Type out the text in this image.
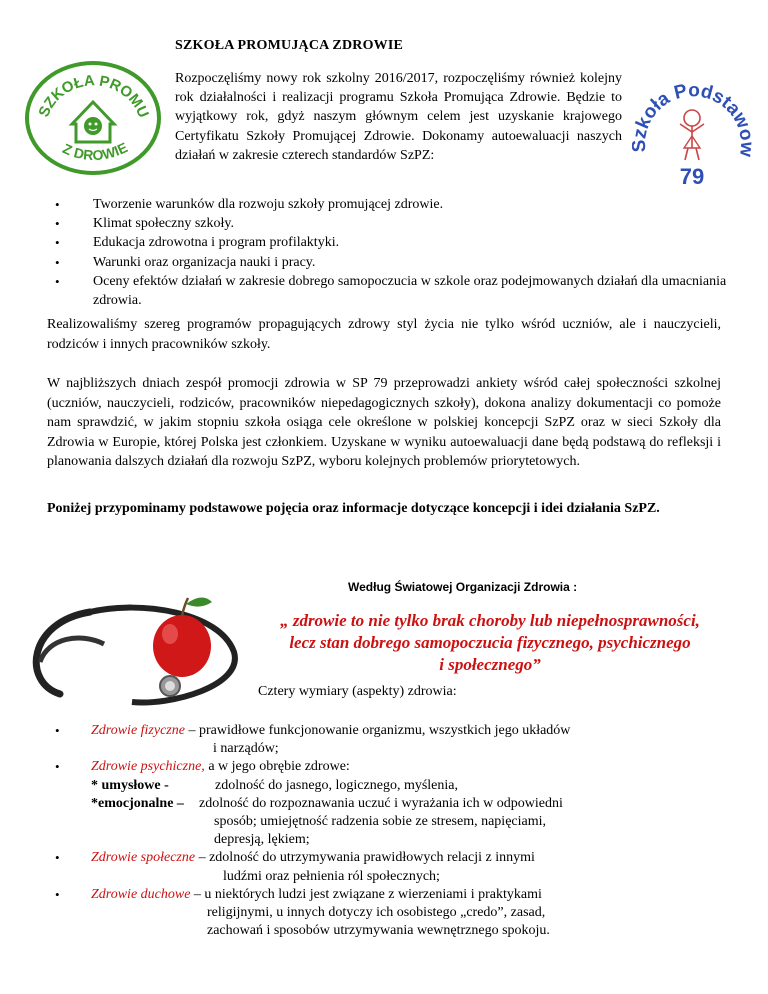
SZKOŁA PROMUJĄCA ZDROWIE
SZKOŁA PROMU
Z DROWIE
Rozpoczęliśmy nowy rok szkolny 2016/2017, rozpoczęliśmy również kolejny rok działalności i realizacji programu Szkoła Promująca Zdrowie. Będzie to wyjątkowy rok, gdyż naszym głównym celem jest uzyskanie krajowego Certyfikatu Szkoły Promującej Zdrowie. Dokonamy autoewaluacji naszych działań w zakresie czterech standardów SzPZ:
koła Podstaw
79
• Tworzenie warunków dla rozwoju szkoły promującej zdrowie.
• Klimat społeczny szkoły.
• Edukacja zdrowotna i program profilaktyki.
• Warunki oraz organizacja nauki i pracy.
• Oceny efektów działań w zakresie dobrego samopoczucia w szkole oraz podejmowanych działań dla umacniania zdrowia.
Realizowaliśmy szereg programów propagujących zdrowy styl życia nie tylko wśród uczniów, ale i nauczycieli, rodziców i innych pracowników szkoły.
W najbliższych dniach zespół promocji zdrowia w SP 79 przeprowadzi ankiety wśród całej społeczności szkolnej (uczniów, nauczycieli, rodziców, pracowników niepedagogicznych szkoły), dokona analizy dokumentacji co pomoże nam sprawdzić, w jakim stopniu szkoła osiąga cele określone w polskiej koncepcji SzPZ oraz w sieci Szkoły dla Zdrowia w Europie, której Polska jest członkiem. Uzyskane w wyniku autoewaluacji dane będą podstawą do refleksji i planowania dalszych działań dla rozwoju SzPZ, wyboru kolejnych problemów priorytetowych.
Poniżej przypominamy podstawowe pojęcia oraz informacje dotyczące koncepcji i idei działania SzPZ.
Według Światowej Organizacji Zdrowia :
„ zdrowie to nie tylko brak choroby lub niepełnosprawności,
lecz stan dobrego samopoczucia fizycznego, psychicznego
i społecznego”
Cztery wymiary (aspekty) zdrowia:
• Zdrowie fizyczne – prawidłowe funkcjonowanie organizmu, wszystkich jego układów
i narządów;
• Zdrowie psychiczne, a w jego obrębie zdrowe:
* umysłowe -	zdolność do jasnego, logicznego, myślenia,
*emocjonalne – zdolność do rozpoznawania uczuć i wyrażania ich w odpowiedni
sposób; umiejętność radzenia sobie ze stresem, napięciami,
depresją, lękiem;
• Zdrowie społeczne – zdolność do utrzymywania prawidłowych relacji z innymi
ludźmi oraz pełnienia ról społecznych;
• Zdrowie duchowe – u niektórych ludzi jest związane z wierzeniami i praktykami
religijnymi, u innych dotyczy ich osobistego „credo”, zasad,
zachowań i sposobów utrzymywania wewnętrznego spokoju.
